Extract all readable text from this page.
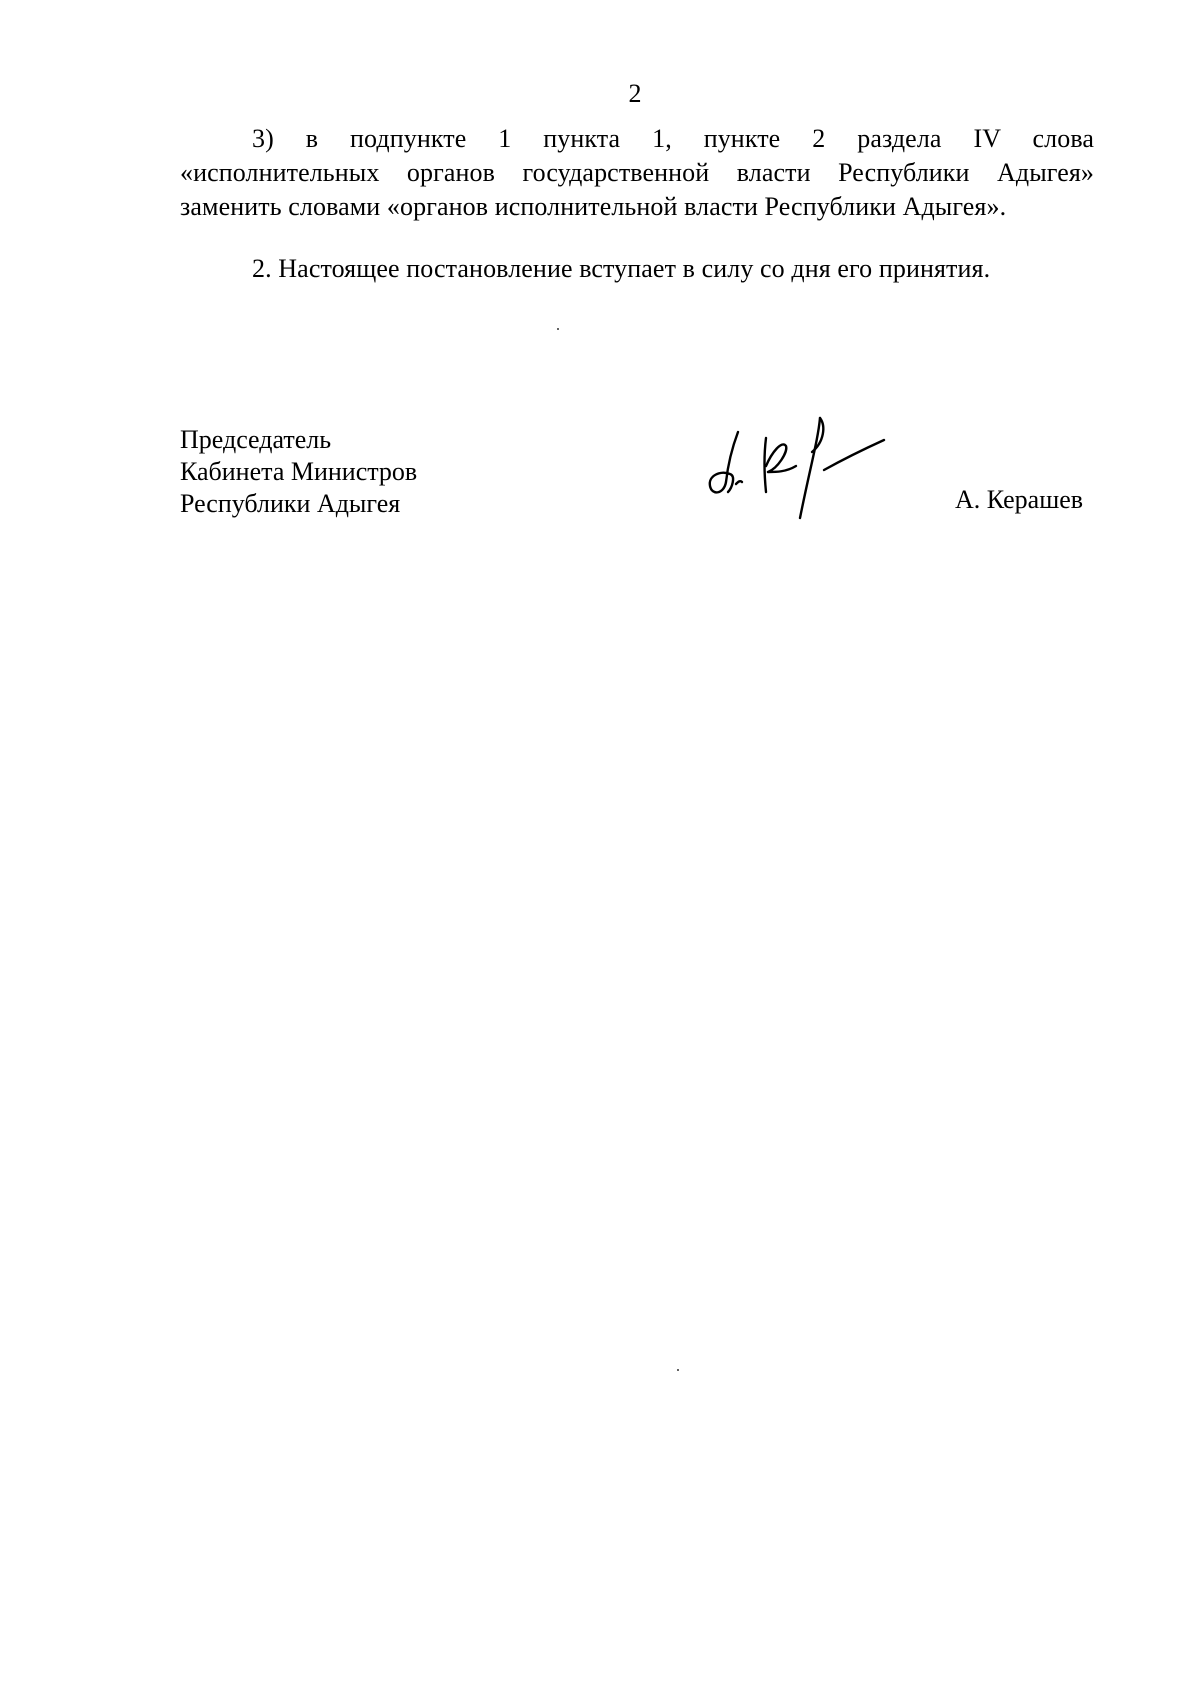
2
3) в подпункте 1 пункта 1, пункте 2 раздела IV слова
«исполнительных органов государственной власти Республики Адыгея»
заменить словами «органов исполнительной власти Республики Адыгея».
2. Настоящее постановление вступает в силу со дня его принятия.
Председатель
Кабинета Министров
Республики Адыгея	А. Керашев
